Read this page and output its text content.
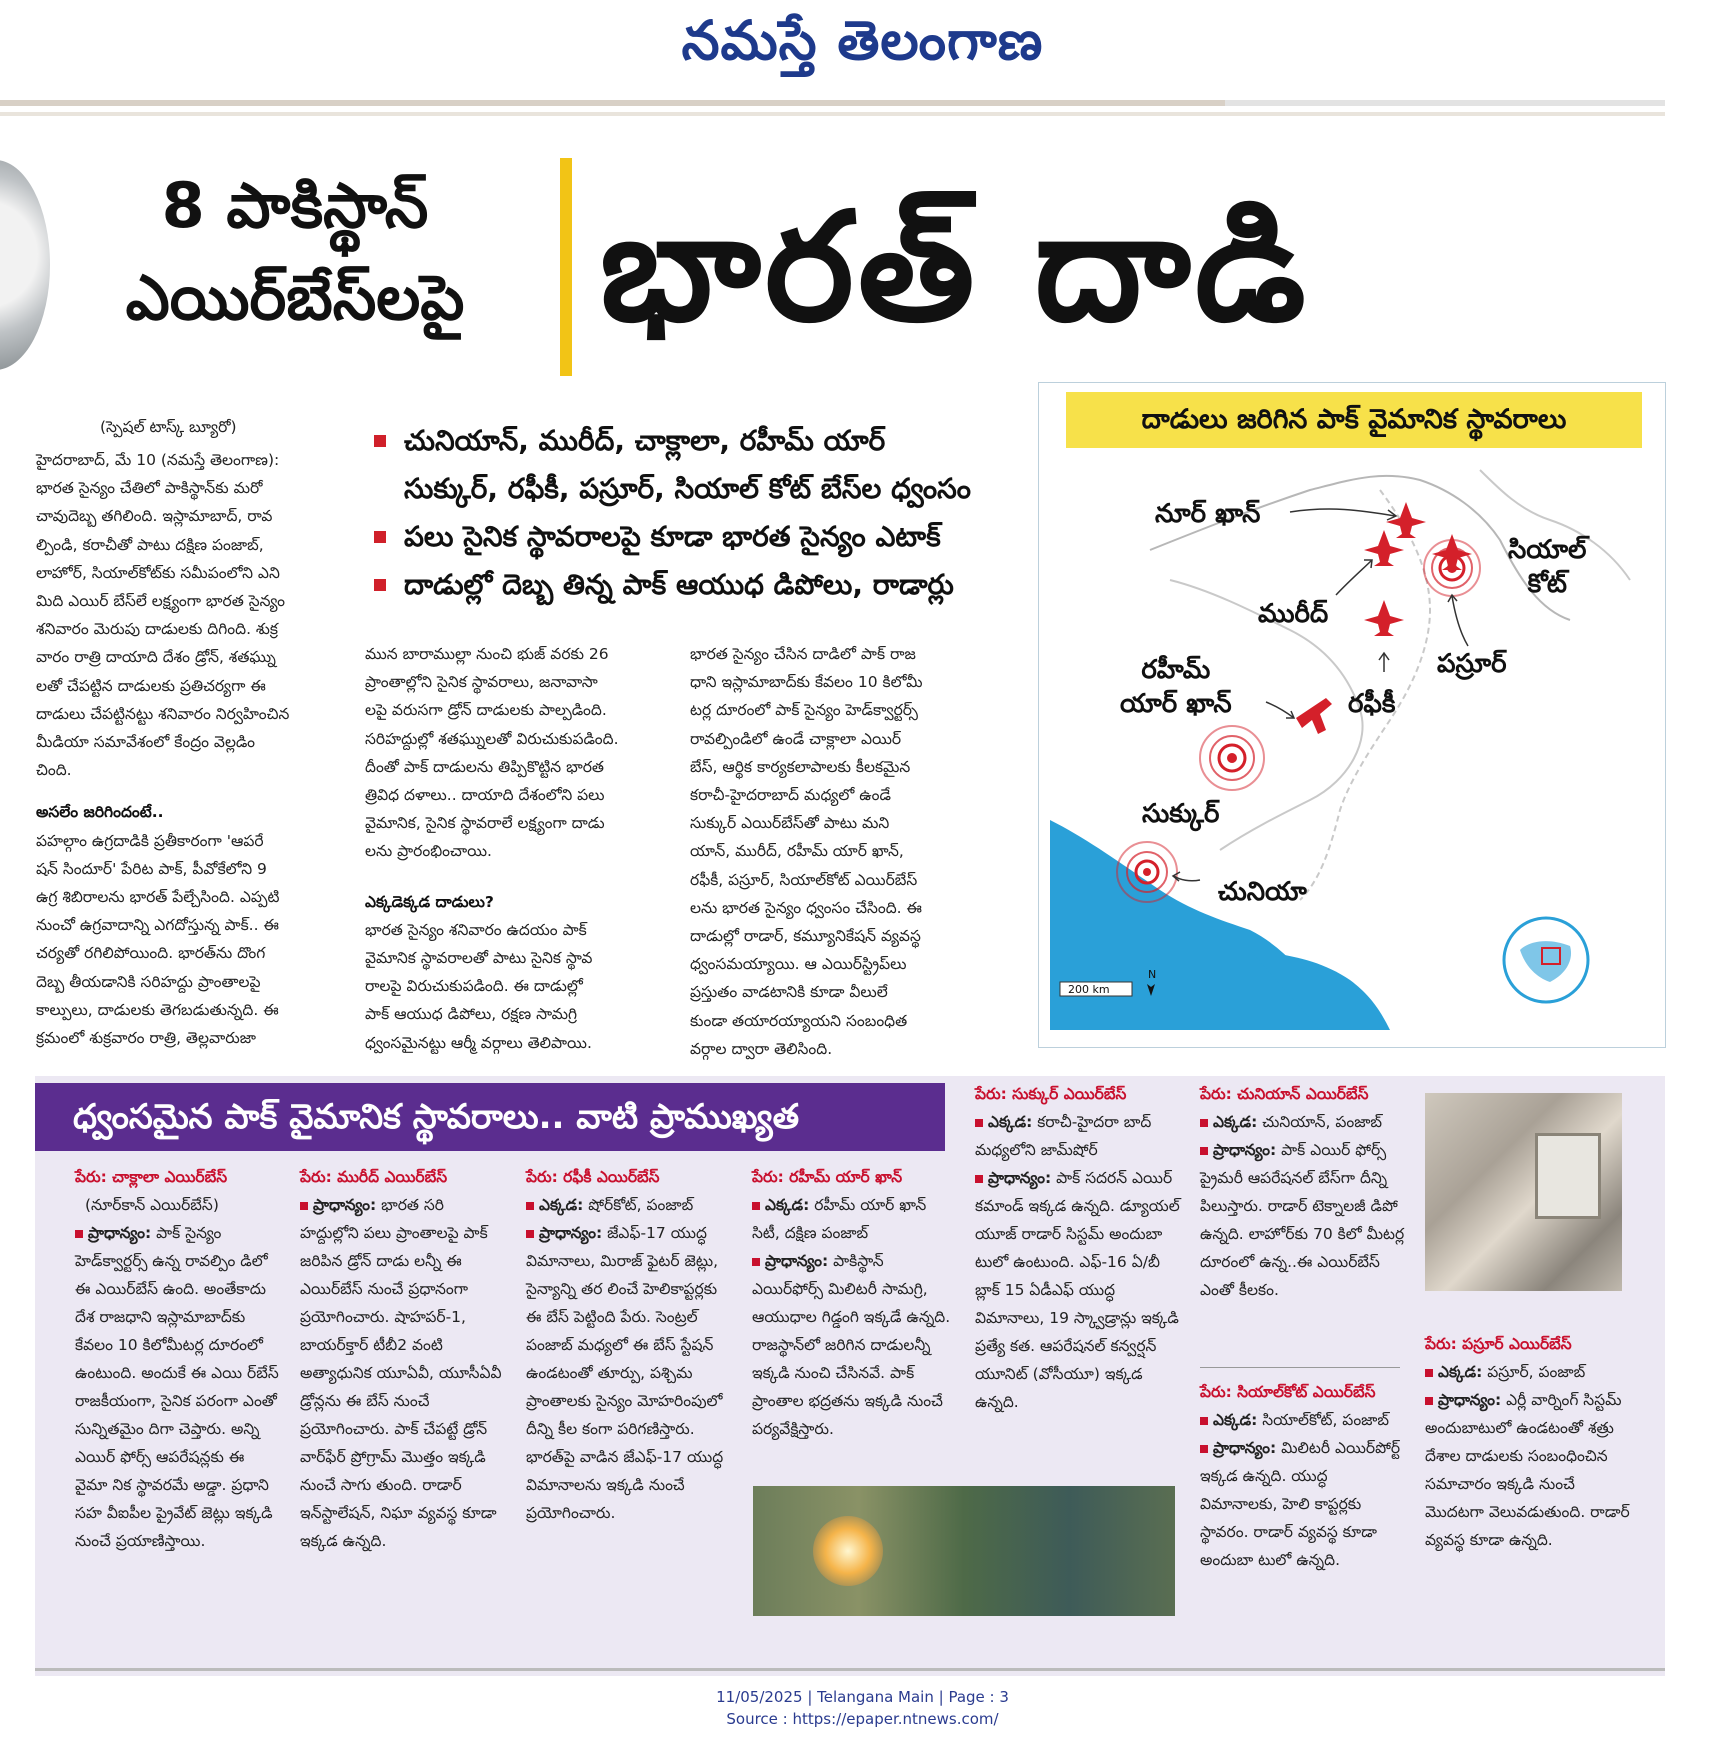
నమస్తే తెలంగాణ
8 పాకిస్థాన్
ఎయిర్‌బేస్‌లపై భారత్ దాడి
(స్పెషల్ టాస్క్ బ్యూరో)
హైదరాబాద్, మే 10 (నమస్తే తెలంగాణ):
భారత సైన్యం చేతిలో పాకిస్థాన్‌కు మరో
చావుదెబ్బ తగిలింది. ఇస్లామాబాద్, రావ
ల్పిండి, కరాచీతో పాటు దక్షిణ పంజాబ్,
లాహోర్, సియాల్‌కోట్‌కు సమీపంలోని ఎని
మిది ఎయిర్ బేస్‌లే లక్ష్యంగా భారత సైన్యం
శనివారం మెరుపు దాడులకు దిగింది. శుక్ర
వారం రాత్రి దాయాది దేశం డ్రోన్, శతఘ్ను
లతో చేపట్టిన దాడులకు ప్రతిచర్యగా ఈ
దాడులు చేపట్టినట్టు శనివారం నిర్వహించిన
మీడియా సమావేశంలో కేంద్రం వెల్లడిం
చింది.

అసలేం జరిగిందంటే..

పహల్గాం ఉగ్రదాడికి ప్రతీకారంగా 'ఆపరే
షన్ సిందూర్' పేరిట పాక్, పీవోకేలోని 9
ఉగ్ర శిబిరాలను భారత్ పేల్చేసింది. ఎప్పటి
నుంచో ఉగ్రవాదాన్ని ఎగదోస్తున్న పాక్.. ఈ
చర్యతో రగిలిపోయింది. భారత్‌ను దొంగ
దెబ్బ తీయడానికి సరిహద్దు ప్రాంతాలపై
కాల్పులు, దాడులకు తెగబడుతున్నది. ఈ
క్రమంలో శుక్రవారం రాత్రి, తెల్లవారుజా
చునియాన్, మురీద్, చాక్లాలా, రహీమ్ యార్
సుక్కుర్, రఫీకీ, పస్రూర్, సియాల్ కోట్ బేస్‌ల ధ్వంసం
పలు సైనిక స్థావరాలపై కూడా భారత సైన్యం ఎటాక్
దాడుల్లో దెబ్బ తిన్న పాక్ ఆయుధ డిపోలు, రాడార్లు
మున బారాముల్లా నుంచి భుజ్ వరకు 26
ప్రాంతాల్లోని సైనిక స్థావరాలు, జనావాసా
లపై వరుసగా డ్రోన్ దాడులకు పాల్పడింది.
సరిహద్దుల్లో శతఘ్నులతో విరుచుకుపడింది.
దీంతో పాక్ దాడులను తిప్పికొట్టిన భారత
త్రివిధ దళాలు.. దాయాది దేశంలోని పలు
వైమానిక, సైనిక స్థావరాలే లక్ష్యంగా దాడు
లను ప్రారంభించాయి.

ఎక్కడెక్కడ దాడులు?

భారత సైన్యం శనివారం ఉదయం పాక్
వైమానిక స్థావరాలతో పాటు సైనిక స్థావ
రాలపై విరుచుకుపడింది. ఈ దాడుల్లో
పాక్ ఆయుధ డిపోలు, రక్షణ సామగ్రి
ధ్వంసమైనట్టు ఆర్మీ వర్గాలు తెలిపాయి.
భారత సైన్యం చేసిన దాడిలో పాక్ రాజ
ధాని ఇస్లామాబాద్‌కు కేవలం 10 కిలోమీ
టర్ల దూరంలో పాక్ సైన్యం హెడ్‌క్వార్టర్స్
రావల్పిండిలో ఉండే చాక్లాలా ఎయిర్
బేస్, ఆర్థిక కార్యకలాపాలకు కీలకమైన
కరాచీ-హైదరాబాద్ మధ్యలో ఉండే
సుక్కుర్ ఎయిర్‌బేస్‌తో పాటు మని
యాన్, మురీద్, రహీమ్ యార్ ఖాన్,
రఫీకీ, పస్రూర్, సియాల్‌కోట్ ఎయిర్‌బేస్
లను భారత సైన్యం ధ్వంసం చేసింది. ఈ
దాడుల్లో రాడార్, కమ్యూనికేషన్ వ్యవస్థ
ధ్వంసమయ్యాయి. ఆ ఎయిర్‌స్ట్రిప్‌లు
ప్రస్తుతం వాడటానికి కూడా వీలులే
కుండా తయారయ్యాయని సంబంధిత
వర్గాల ద్వారా తెలిసింది.
దాడులు జరిగిన పాక్ వైమానిక స్థావరాలు
200 km
N
నూర్ ఖాన్
సియాల్
కోట్
మురీద్
పస్రూర్
రహీమ్
యార్ ఖాన్	రఫీకీ
సుక్కుర్
చునియా
ధ్వంసమైన పాక్ వైమానిక స్థావరాలు.. వాటి ప్రాముఖ్యత
పేరు: చాక్లాలా ఎయిర్‌బేస్
(నూర్‌కాన్ ఎయిర్‌బేస్)
ప్రాధాన్యం: పాక్ సైన్యం హెడ్‌క్వార్టర్స్ ఉన్న రావల్పిం డిలో ఈ ఎయిర్‌బేస్ ఉంది. అంతేకాదు దేశ రాజధాని ఇస్లామాబాద్‌కు కేవలం 10 కిలోమీటర్ల దూరంలో ఉంటుంది. అందుకే ఈ ఎయి ర్‌బేస్ రాజకీయంగా, సైనిక పరంగా ఎంతో సున్నితమైం దిగా చెప్తారు. అన్ని ఎయిర్ ఫోర్స్ ఆపరేషన్లకు ఈ వైమా నిక స్థావరమే అడ్డా. ప్రధాని సహ వీఐపీల ప్రైవేట్ జెట్లు ఇక్కడి నుంచే ప్రయాణిస్తాయి.
పేరు: మురీద్ ఎయిర్‌బేస్
ప్రాధాన్యం: భారత సరి హద్దుల్లోని పలు ప్రాంతాలపై పాక్ జరిపిన డ్రోన్ దాడు లన్నీ ఈ ఎయిర్‌బేస్ నుంచే ప్రధానంగా ప్రయోగించారు. షాహపర్-1, బాయర్‌క్తార్ టీబీ2 వంటి అత్యాధునిక యూఏవీ, యూసీఏవీ డ్రోన్లను ఈ బేస్ నుంచే ప్రయోగించారు. పాక్ చేపట్టే డ్రోన్ వార్‌ఫేర్ ప్రోగ్రామ్ మొత్తం ఇక్కడి నుంచే సాగు తుంది. రాడార్ ఇన్‌స్టాలేషన్, నిఘా వ్యవస్థ కూడా ఇక్కడ ఉన్నది.
పేరు: రఫీకీ ఎయిర్‌బేస్
ఎక్కడ: షోర్‌కోట్, పంజాబ్
ప్రాధాన్యం: జేఎఫ్-17 యుద్ధ విమానాలు, మిరాజ్ ఫైటర్ జెట్లు, సైన్యాన్ని తర లించే హెలికాప్టర్లకు ఈ బేస్ పెట్టింది పేరు. సెంట్రల్ పంజాబ్ మధ్యలో ఈ బేస్ స్టేషన్ ఉండటంతో తూర్పు, పశ్చిమ ప్రాంతాలకు సైన్యం మోహరింపులో దీన్ని కీల కంగా పరిగణిస్తారు. భారత్‌పై వాడిన జేఎఫ్-17 యుద్ధ విమానాలను ఇక్కడి నుంచే ప్రయోగించారు.
పేరు: రహీమ్ యార్ ఖాన్
ఎక్కడ: రహీమ్ యార్ ఖాన్ సిటీ, దక్షిణ పంజాబ్
ప్రాధాన్యం: పాకిస్థాన్ ఎయిర్‌ఫోర్స్ మిలిటరీ సామగ్రి, ఆయుధాల గిడ్డంగి ఇక్కడే ఉన్నది. రాజస్థాన్‌లో జరిగిన దాడులన్నీ ఇక్కడి నుంచి చేసినవే. పాక్ ప్రాంతాల భద్రతను ఇక్కడి నుంచే పర్యవేక్షిస్తారు.
పేరు: సుక్కుర్ ఎయిర్‌బేస్
ఎక్కడ: కరాచీ-హైదరా బాద్ మధ్యలోని జామ్‌షోర్
ప్రాధాన్యం: పాక్ సదరన్ ఎయిర్ కమాండ్ ఇక్కడ ఉన్నది. డ్యూయల్ యూజ్ రాడార్ సిస్టమ్ అందుబా టులో ఉంటుంది. ఎఫ్-16 ఏ/బీ బ్లాక్ 15 ఏడీఎఫ్ యుద్ధ విమానాలు, 19 స్క్వాడ్రాన్లు ఇక్కడి ప్రత్యే కత. ఆపరేషనల్ కన్వర్షన్ యూనిట్ (వోసీయూ) ఇక్కడ ఉన్నది.
పేరు: చునియాన్ ఎయిర్‌బేస్
ఎక్కడ: చునియాన్, పంజాబ్
ప్రాధాన్యం: పాక్ ఎయిర్ ఫోర్స్ ప్రైమరీ ఆపరేషనల్ బేస్‌గా దీన్ని పిలుస్తారు. రాడార్ టెక్నాలజీ డిపో ఉన్నది. లాహోర్‌కు 70 కిలో మీటర్ల దూరంలో ఉన్న..ఈ ఎయిర్‌బేస్ ఎంతో కీలకం.
పేరు: సియాల్‌కోట్ ఎయిర్‌బేస్
ఎక్కడ: సియాల్‌కోట్, పంజాబ్
ప్రాధాన్యం: మిలిటరీ ఎయిర్‌పోర్ట్ ఇక్కడ ఉన్నది. యుద్ధ విమానాలకు, హెలి కాప్టర్లకు స్థావరం. రాడార్ వ్యవస్థ కూడా అందుబా టులో ఉన్నది.
పేరు: పస్రూర్ ఎయిర్‌బేస్
ఎక్కడ: పస్రూర్, పంజాబ్
ప్రాధాన్యం: ఎర్లీ వార్నింగ్ సిస్టమ్ అందుబాటులో ఉండటంతో శత్రు దేశాల దాడులకు సంబంధించిన సమాచారం ఇక్కడి నుంచే మొదటగా వెలువడుతుంది. రాడార్ వ్యవస్థ కూడా ఉన్నది.
11/05/2025 | Telangana Main | Page : 3
Source : https://epaper.ntnews.com/
